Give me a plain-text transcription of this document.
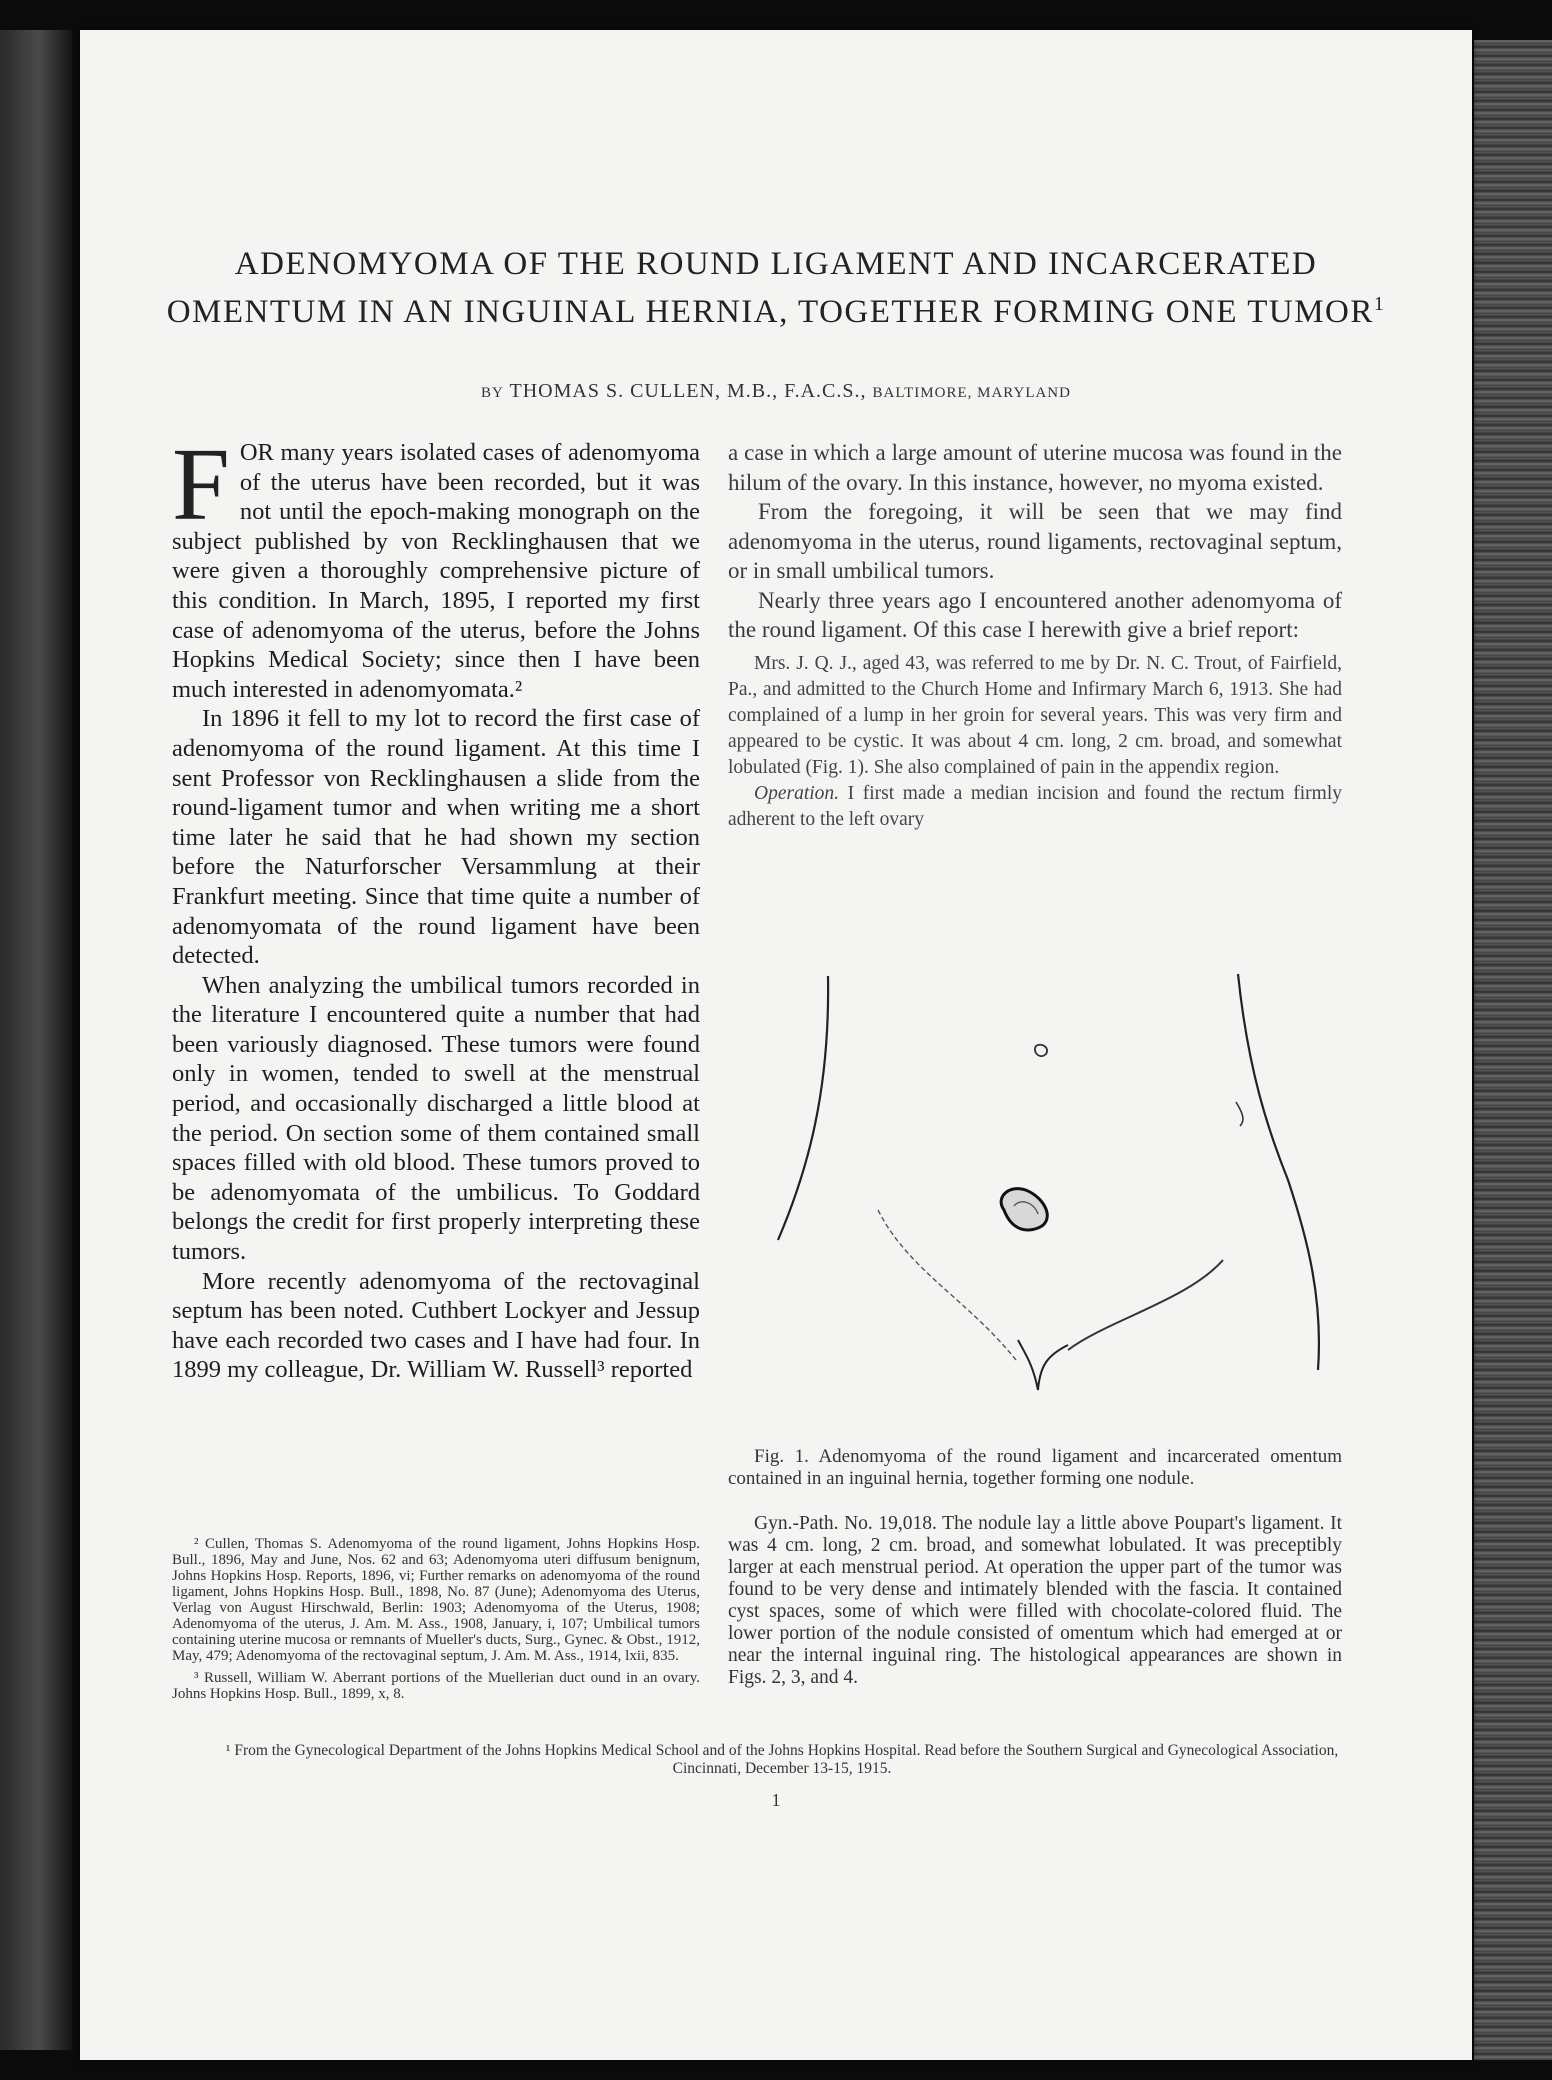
ADENOMYOMA OF THE ROUND LIGAMENT AND INCARCERATED OMENTUM IN AN INGUINAL HERNIA, TOGETHER FORMING ONE TUMOR$^1$
BY THOMAS S. CULLEN, M.B., F.A.C.S., BALTIMORE, MARYLAND

FOR many years isolated cases of adenomyoma of the uterus have been recorded, but it was not until the epoch-making monograph on the subject published by von Recklinghausen that we were given a thoroughly comprehensive picture of this condition. In March, 1895, I reported my first case of adenomyoma of the uterus, before the Johns Hopkins Medical Society; since then I have been much interested in adenomyomata.²

In 1896 it fell to my lot to record the first case of adenomyoma of the round ligament. At this time I sent Professor von Recklinghausen a slide from the round-ligament tumor and when writing me a short time later he said that he had shown my section before the Naturforscher Versammlung at their Frankfurt meeting. Since that time quite a number of adenomyomata of the round ligament have been detected.

When analyzing the umbilical tumors recorded in the literature I encountered quite a number that had been variously diagnosed. These tumors were found only in women, tended to swell at the menstrual period, and occasionally discharged a little blood at the period. On section some of them contained small spaces filled with old blood. These tumors proved to be adenomyomata of the umbilicus. To Goddard belongs the credit for first properly interpreting these tumors.

More recently adenomyoma of the rectovaginal septum has been noted. Cuthbert Lockyer and Jessup have each recorded two cases and I have had four. In 1899 my colleague, Dr. William W. Russell³ reported

² Cullen, Thomas S. Adenomyoma of the round ligament, Johns Hopkins Hosp. Bull., 1896, May and June, Nos. 62 and 63; Adenomyoma uteri diffusum benignum, Johns Hopkins Hosp. Reports, 1896, vi; Further remarks on adenomyoma of the round ligament, Johns Hopkins Hosp. Bull., 1898, No. 87 (June); Adenomyoma des Uterus, Verlag von August Hirschwald, Berlin: 1903; Adenomyoma of the Uterus, 1908; Adenomyoma of the uterus, J. Am. M. Ass., 1908, January, i, 107; Umbilical tumors containing uterine mucosa or remnants of Mueller's ducts, Surg., Gynec. & Obst., 1912, May, 479; Adenomyoma of the rectovaginal septum, J. Am. M. Ass., 1914, lxii, 835.

³ Russell, William W. Aberrant portions of the Muellerian duct ound in an ovary. Johns Hopkins Hosp. Bull., 1899, x, 8.

a case in which a large amount of uterine mucosa was found in the hilum of the ovary. In this instance, however, no myoma existed.

From the foregoing, it will be seen that we may find adenomyoma in the uterus, round ligaments, rectovaginal septum, or in small umbilical tumors.

Nearly three years ago I encountered another adenomyoma of the round ligament. Of this case I herewith give a brief report:

Mrs. J. Q. J., aged 43, was referred to me by Dr. N. C. Trout, of Fairfield, Pa., and admitted to the Church Home and Infirmary March 6, 1913. She had complained of a lump in her groin for several years. This was very firm and appeared to be cystic. It was about 4 cm. long, 2 cm. broad, and somewhat lobulated (Fig. 1). She also complained of pain in the appendix region.

Operation. I first made a median incision and found the rectum firmly adherent to the left ovary

Fig. 1. Adenomyoma of the round ligament and incarcerated omentum contained in an inguinal hernia, together forming one nodule.

Gyn.-Path. No. 19,018. The nodule lay a little above Poupart's ligament. It was 4 cm. long, 2 cm. broad, and somewhat lobulated. It was preceptibly larger at each menstrual period. At operation the upper part of the tumor was found to be very dense and intimately blended with the fascia. It contained cyst spaces, some of which were filled with chocolate-colored fluid. The lower portion of the nodule consisted of omentum which had emerged at or near the internal inguinal ring. The histological appearances are shown in Figs. 2, 3, and 4.

¹ From the Gynecological Department of the Johns Hopkins Medical School and of the Johns Hopkins Hospital. Read before the Southern Surgical and Gynecological Association, Cincinnati, December 13-15, 1915.
1
